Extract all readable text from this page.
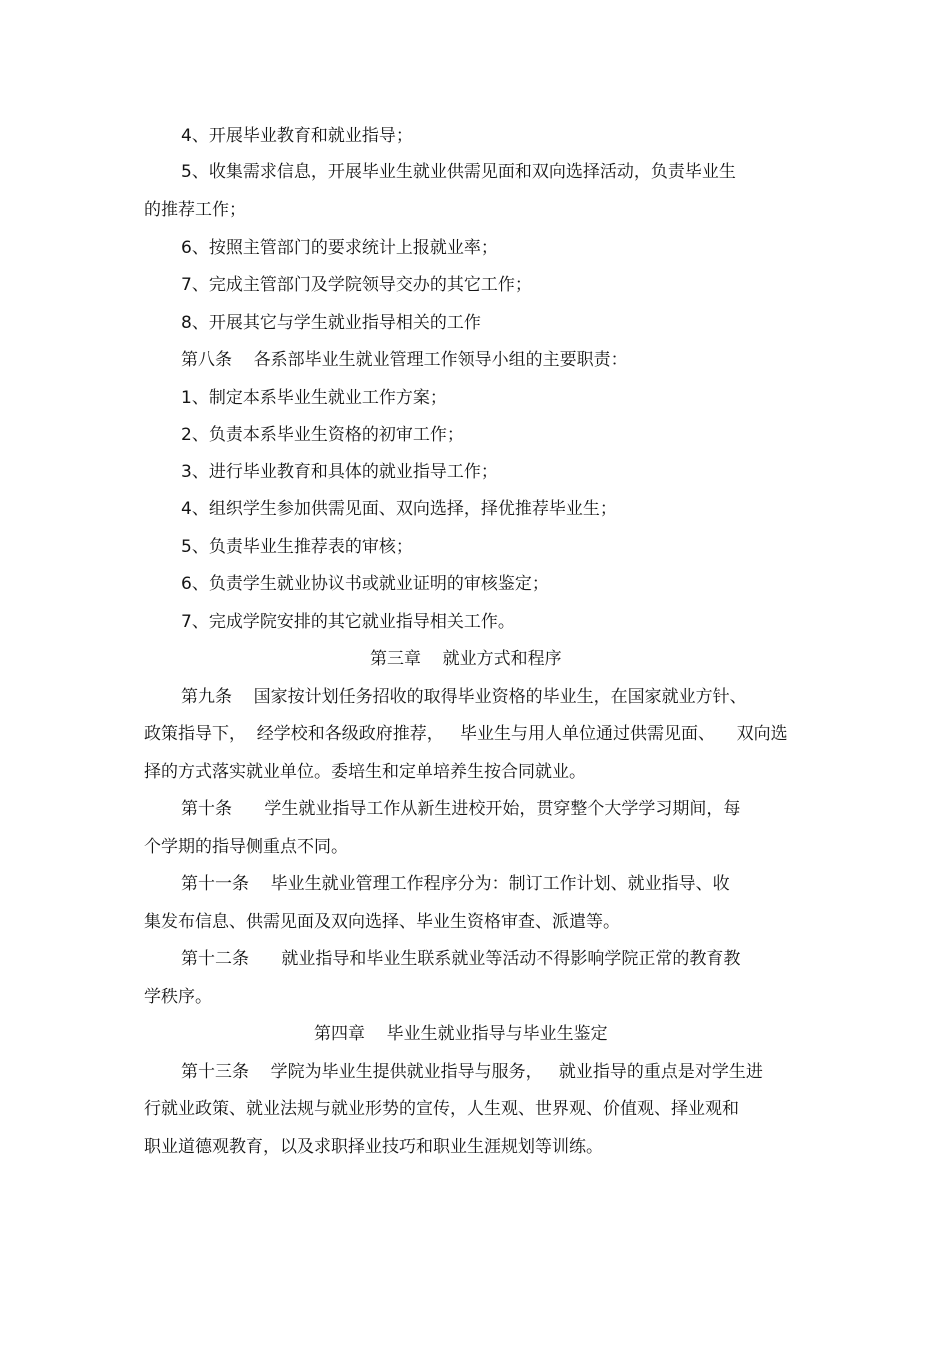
4、开展毕业教育和就业指导；
5、收集需求信息，开展毕业生就业供需见面和双向选择活动，负责毕业生
的推荐工作；
6、按照主管部门的要求统计上报就业率；
7、完成主管部门及学院领导交办的其它工作；
8、开展其它与学生就业指导相关的工作
第八条    各系部毕业生就业管理工作领导小组的主要职责：
1、制定本系毕业生就业工作方案；
2、负责本系毕业生资格的初审工作；
3、进行毕业教育和具体的就业指导工作；
4、组织学生参加供需见面、双向选择，择优推荐毕业生；
5、负责毕业生推荐表的审核；
6、负责学生就业协议书或就业证明的审核鉴定；
7、完成学院安排的其它就业指导相关工作。
第三章    就业方式和程序
第九条    国家按计划任务招收的取得毕业资格的毕业生，在国家就业方针、
政策指导下，  经学校和各级政府推荐，   毕业生与用人单位通过供需见面、    双向选
择的方式落实就业单位。委培生和定单培养生按合同就业。
第十条      学生就业指导工作从新生进校开始，贯穿整个大学学习期间，每
个学期的指导侧重点不同。
第十一条    毕业生就业管理工作程序分为：制订工作计划、就业指导、收
集发布信息、供需见面及双向选择、毕业生资格审查、派遣等。
第十二条      就业指导和毕业生联系就业等活动不得影响学院正常的教育教
学秩序。
第四章    毕业生就业指导与毕业生鉴定
第十三条    学院为毕业生提供就业指导与服务，   就业指导的重点是对学生进
行就业政策、就业法规与就业形势的宣传，人生观、世界观、价值观、择业观和
职业道德观教育，以及求职择业技巧和职业生涯规划等训练。
